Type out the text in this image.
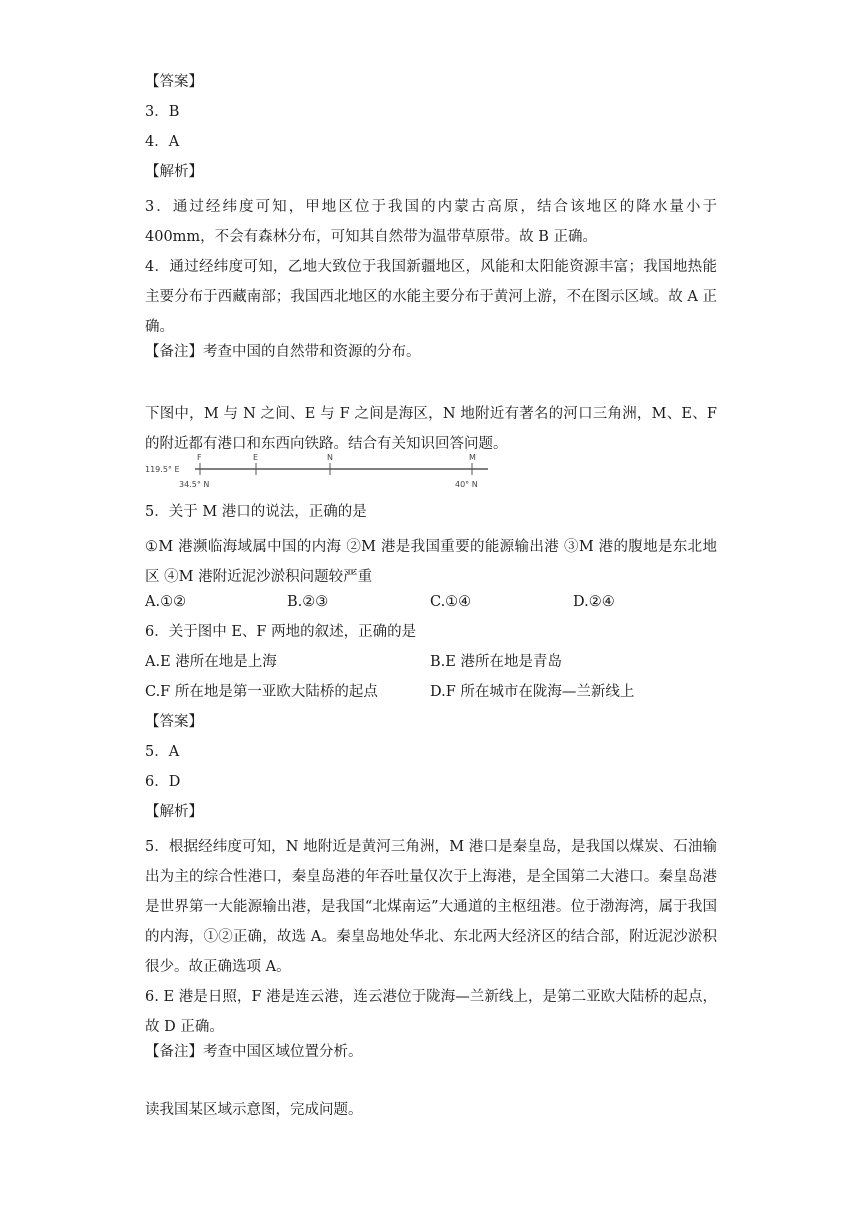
【答案】
3．B
4．A
【解析】
3．通过经纬度可知，甲地区位于我国的内蒙古高原，结合该地区的降水量小于 400mm，不会有森林分布，可知其自然带为温带草原带。故 B 正确。
4．通过经纬度可知，乙地大致位于我国新疆地区，风能和太阳能资源丰富；我国地热能主要分布于西藏南部；我国西北地区的水能主要分布于黄河上游，不在图示区域。故 A 正确。
【备注】考查中国的自然带和资源的分布。
下图中，M 与 N 之间、E 与 F 之间是海区，N 地附近有著名的河口三角洲，M、E、F 的附近都有港口和东西向铁路。结合有关知识回答问题。
F	E	N	M
119.5° E
34.5° N	40° N
5．关于 M 港口的说法，正确的是
①M 港濒临海域属中国的内海 ②M 港是我国重要的能源输出港 ③M 港的腹地是东北地区 ④M 港附近泥沙淤积问题较严重
A.①②	B.②③	C.①④	D.②④
6．关于图中 E、F 两地的叙述，正确的是
A.E 港所在地是上海	B.E 港所在地是青岛
C.F 所在地是第一亚欧大陆桥的起点	D.F 所在城市在陇海—兰新线上
【答案】
5．A
6．D
【解析】
5．根据经纬度可知，N 地附近是黄河三角洲，M 港口是秦皇岛，是我国以煤炭、石油输出为主的综合性港口，秦皇岛港的年吞吐量仅次于上海港，是全国第二大港口。秦皇岛港是世界第一大能源输出港，是我国“北煤南运”大通道的主枢纽港。位于渤海湾，属于我国的内海，①②正确，故选 A。秦皇岛地处华北、东北两大经济区的结合部，附近泥沙淤积很少。故正确选项 A。
6. E 港是日照，F 港是连云港，连云港位于陇海—兰新线上，是第二亚欧大陆桥的起点，故 D 正确。
【备注】考查中国区域位置分析。
读我国某区域示意图，完成问题。
